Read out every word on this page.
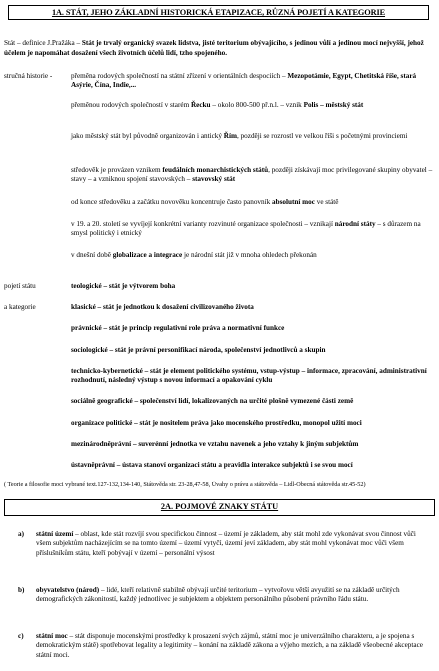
1A. STÁT, JEHO ZÁKLADNÍ HISTORICKÁ ETAPIZACE, RŮZNÁ POJETÍ A KATEGORIE
Stát – definice J.Pražáka – Stát je trvalý organický svazek lidstva, jisté teritorium obývajícího, s jedinou vůlí a jedinou mocí nejvyšší, jehož účelem je napomáhat dosažení všech životních účelů lidí, tzho spojeného.
stručná historie -	přeměna rodových společností na státní zřízení v orientálních despociích – Mezopotámie, Egypt, Chetitská říše, stará Asýrie, Čína, Indie,...
přeměnou rodových společností v starém Řecku – okolo 800-500 př.n.l. – vznik Polis – městský stát
jako městský stát byl původně organizován i antický Řím, později se rozrostl ve velkou říši s početnými provinciemi
středověk je provázen vznikem feudálních monarchistických států, později získávají moc privilegované skupiny obyvatel – stavy – a vzniknou spojení stavovských – stavovský stát
od konce středověku a začátku novověku koncentruje často panovník absolutní moc ve státě
v 19. a 20. století se vyvíjejí konkrétní varianty rozvinuté organizace společnosti – vznikají národní státy – s důrazem na smysl politický i etnický
v dnešní době globalizace a integrace je národní stát již v mnoha ohledech překonán
pojetí státu	teologické – stát je výtvorem boha
a kategorie	klasické – stát je jednotkou k dosažení civilizovaného života
právnické – stát je princip regulativní role práva a normativní funkce
sociologické – stát je právní personifikací národa, společenství jednotlivců a skupin
technicko-kybernetické – stát je element politického systému, vstup-výstup – informace, zpracování, administrativní rozhodnutí, následný výstup s novou informací a opakování cyklu
sociálně geografické – společenství lidí, lokalizovaných na určité plošně vymezené části země
organizace politické – stát je nositelem práva jako mocenského prostředku, monopol užití moci
mezinárodněprávní – suverénní jednotka ve vztahu navenek a jeho vztahy k jiným subjektům
ústavněprávní – ústava stanoví organizaci státu a pravidla interakce subjektů i se svou mocí
( Teorie a filosofie moci vybrané text.127-132,134-140, Státověda str. 23-28,47-58, Úvahy o právu a státověda – Lidl-Obecná státověda str.45-52)
2A. POJMOVÉ ZNAKY STÁTU
a) státní území – oblast, kde stát rozvíjí svou specifickou činnost – území je základem, aby stát mohl zde vykonávat svou činnost vůči všem subjektům nacházejícím se na tomto území – území vytyčí, území jeví základem, aby stát mohl vykonávat moc vůči všem příslušníkům státu, kteří pobývají v území – personální výsost
b) obyvatelstvo (národ) – lidé, kteří relativně stabilně obývají určité teritorium – vytvořovu větší avyužití se na základě určitých demografických zákonitostí, každý jednotlivec je subjektem a objektem personálního působení právního řádu státu.
c) státní moc – stát disponuje mocenskými prostředky k prosazení svých zájmů, státní moc je univerzálního charakteru, a je spojena s demokratickým státě) spotřebovat legality a legitimity – konání na základě zákona a výjeho mezích, a na základě všeobecné akceptace státní moci.
